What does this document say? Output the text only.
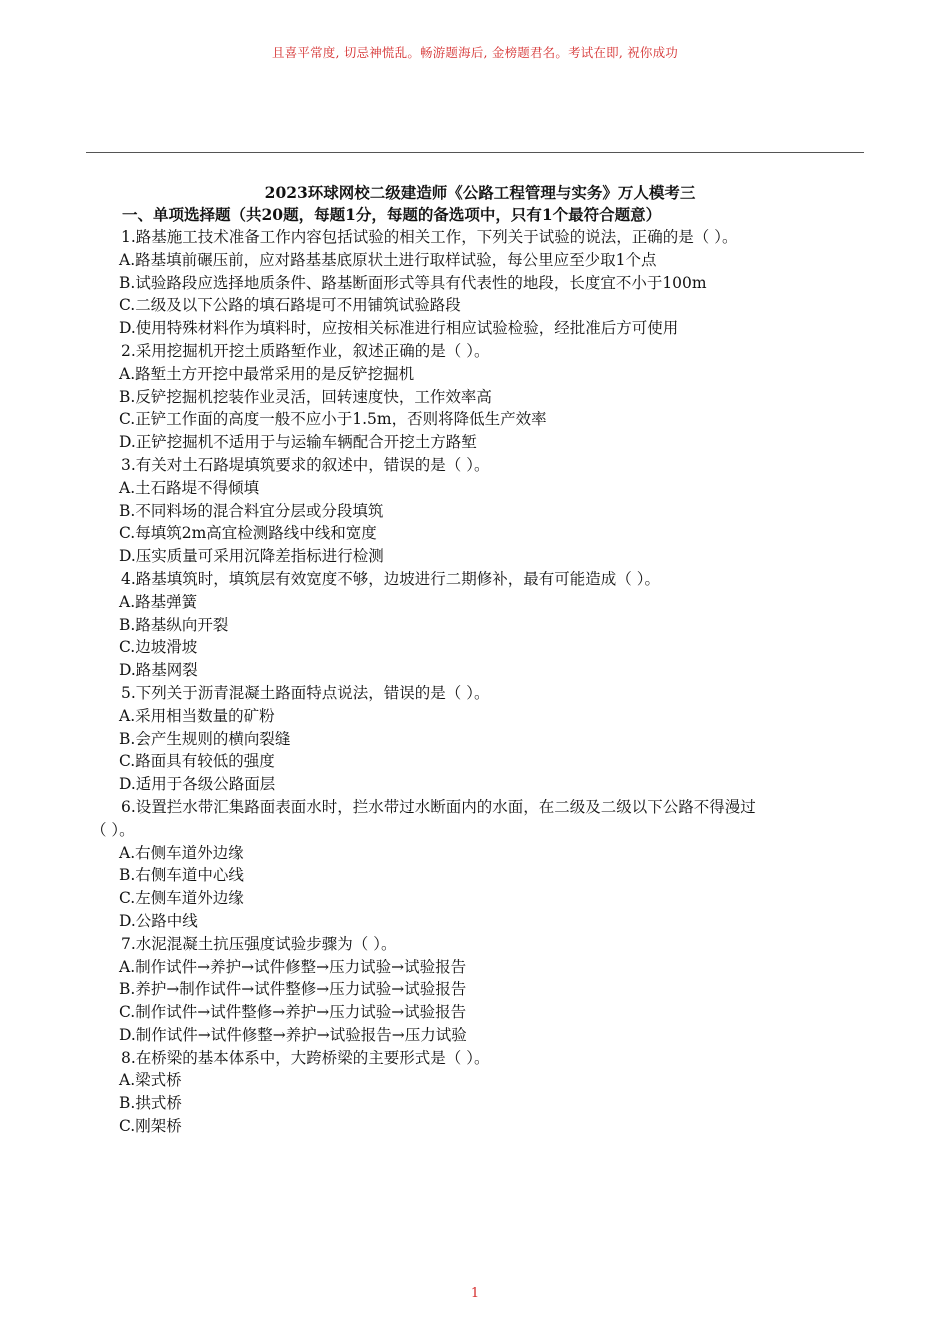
且喜平常度, 切忌神慌乱。畅游题海后, 金榜题君名。考试在即, 祝你成功
2023环球网校二级建造师《公路工程管理与实务》万人模考三
一、单项选择题（共20题，每题1分，每题的备选项中，只有1个最符合题意）
1.路基施工技术准备工作内容包括试验的相关工作，下列关于试验的说法，正确的是（ ）。
A.路基填前碾压前，应对路基基底原状土进行取样试验，每公里应至少取1个点
B.试验路段应选择地质条件、路基断面形式等具有代表性的地段，长度宜不小于100m
C.二级及以下公路的填石路堤可不用铺筑试验路段
D.使用特殊材料作为填料时，应按相关标准进行相应试验检验，经批准后方可使用
2.采用挖掘机开挖土质路堑作业，叙述正确的是（ ）。
A.路堑土方开挖中最常采用的是反铲挖掘机
B.反铲挖掘机挖装作业灵活，回转速度快，工作效率高
C.正铲工作面的高度一般不应小于1.5m，否则将降低生产效率
D.正铲挖掘机不适用于与运输车辆配合开挖土方路堑
3.有关对土石路堤填筑要求的叙述中，错误的是（ ）。
A.土石路堤不得倾填
B.不同料场的混合料宜分层或分段填筑
C.每填筑2m高宜检测路线中线和宽度
D.压实质量可采用沉降差指标进行检测
4.路基填筑时，填筑层有效宽度不够，边坡进行二期修补，最有可能造成（ ）。
A.路基弹簧
B.路基纵向开裂
C.边坡滑坡
D.路基网裂
5.下列关于沥青混凝土路面特点说法，错误的是（ ）。
A.采用相当数量的矿粉
B.会产生规则的横向裂缝
C.路面具有较低的强度
D.适用于各级公路面层
6.设置拦水带汇集路面表面水时，拦水带过水断面内的水面，在二级及二级以下公路不得漫过
（ ）。
A.右侧车道外边缘
B.右侧车道中心线
C.左侧车道外边缘
D.公路中线
7.水泥混凝土抗压强度试验步骤为（ ）。
A.制作试件→养护→试件修整→压力试验→试验报告
B.养护→制作试件→试件整修→压力试验→试验报告
C.制作试件→试件整修→养护→压力试验→试验报告
D.制作试件→试件修整→养护→试验报告→压力试验
8.在桥梁的基本体系中，大跨桥梁的主要形式是（ ）。
A.梁式桥
B.拱式桥
C.刚架桥
1
